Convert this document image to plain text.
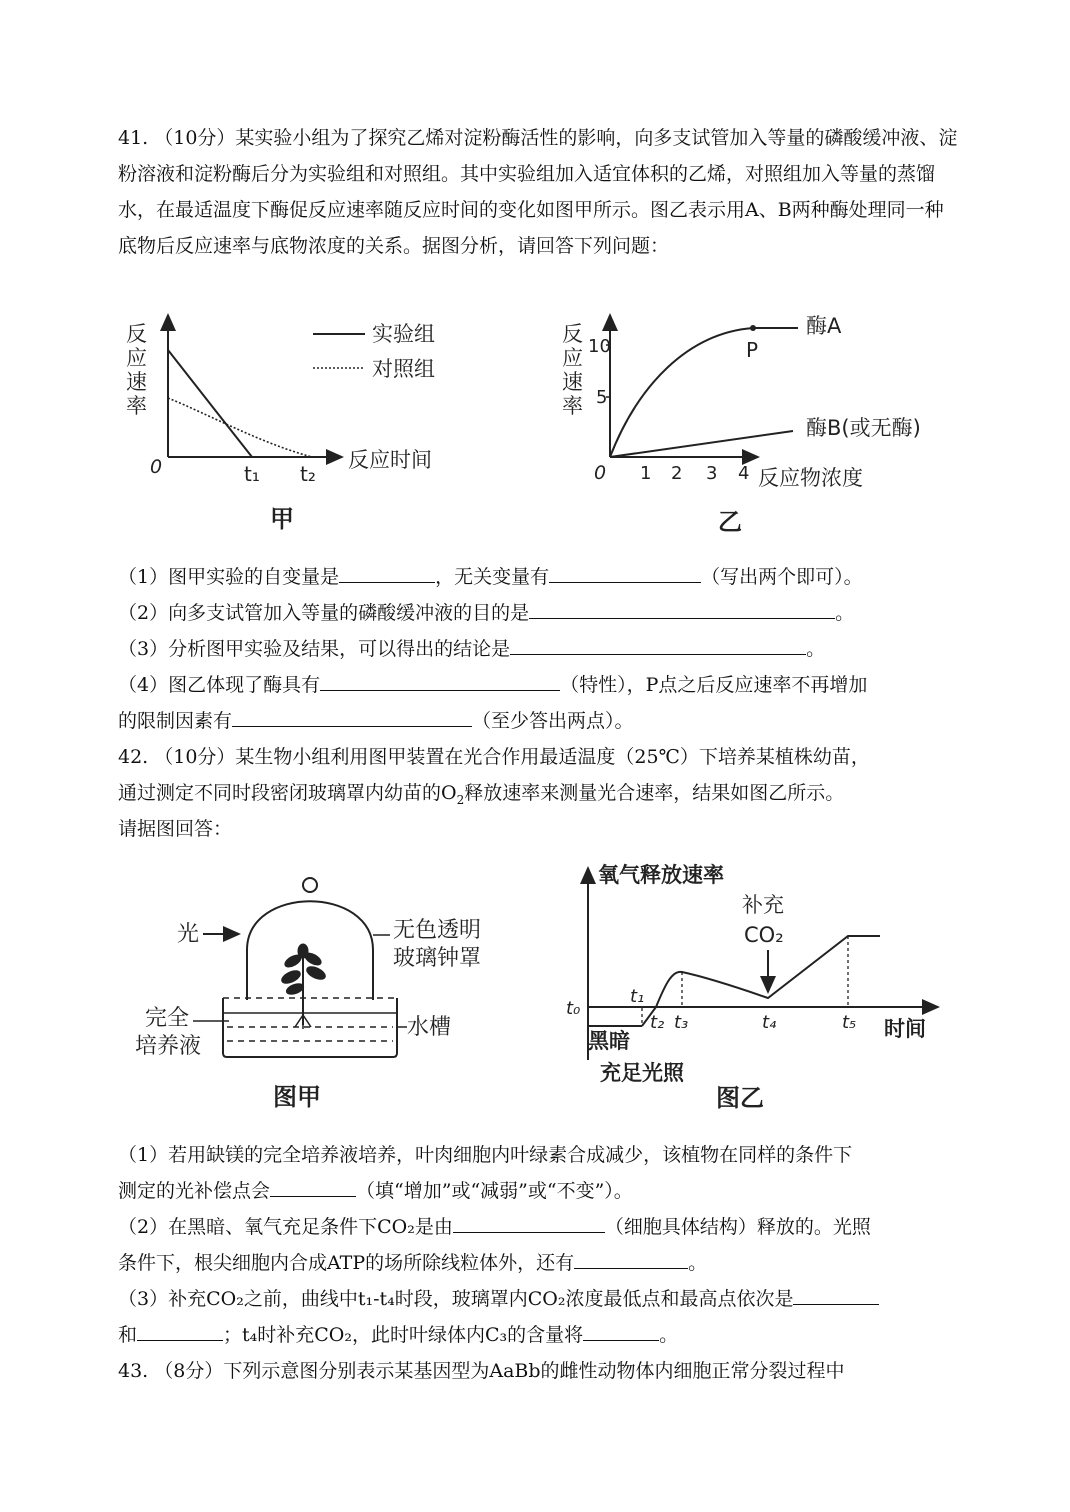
41. （10分）某实验小组为了探究乙烯对淀粉酶活性的影响，向多支试管加入等量的磷酸缓冲液、淀粉溶液和淀粉酶后分为实验组和对照组。其中实验组加入适宜体积的乙烯，对照组加入等量的蒸馏水，在最适温度下酶促反应速率随反应时间的变化如图甲所示。图乙表示用A、B两种酶处理同一种底物后反应速率与底物浓度的关系。据图分析，请回答下列问题：
反
应
速
率
0	t₁ t₂
反应时间
实验组
对照组
甲
10
5
1 2 3 4
0
P
酶A
酶B(或无酶)
反
应
速
率
反应物浓度
乙
（1）图甲实验的自变量是	，无关变量有	（写出两个即可）。
（2）向多支试管加入等量的磷酸缓冲液的目的是	。
（3）分析图甲实验及结果，可以得出的结论是	。
（4）图乙体现了酶具有	（特性），P点之后反应速率不再增加
的限制因素有	（至少答出两点）。
42. （10分）某生物小组利用图甲装置在光合作用最适温度（25℃）下培养某植株幼苗，
通过测定不同时段密闭玻璃罩内幼苗的$O_2$释放速率来测量光合速率，结果如图乙所示。
请据图回答：
光	无色透明
玻璃钟罩
完全
培养液
水槽
图甲
氧气释放速率
补充
CO₂
t₀
t₁
t₂ t₃	t₄	t₅ 时间
黑暗
充足光照
图乙
（1）若用缺镁的完全培养液培养，叶肉细胞内叶绿素合成减少，该植物在同样的条件下
测定的光补偿点会	（填“增加”或“减弱”或“不变”）。
（2）在黑暗、氧气充足条件下CO₂是由	（细胞具体结构）释放的。光照
条件下，根尖细胞内合成ATP的场所除线粒体外，还有	。
（3）补充CO₂之前，曲线中t₁-t₄时段，玻璃罩内CO₂浓度最低点和最高点依次是
和	；t₄时补充CO₂，此时叶绿体内C₃的含量将	。
43. （8分）下列示意图分别表示某基因型为AaBb的雌性动物体内细胞正常分裂过程中
